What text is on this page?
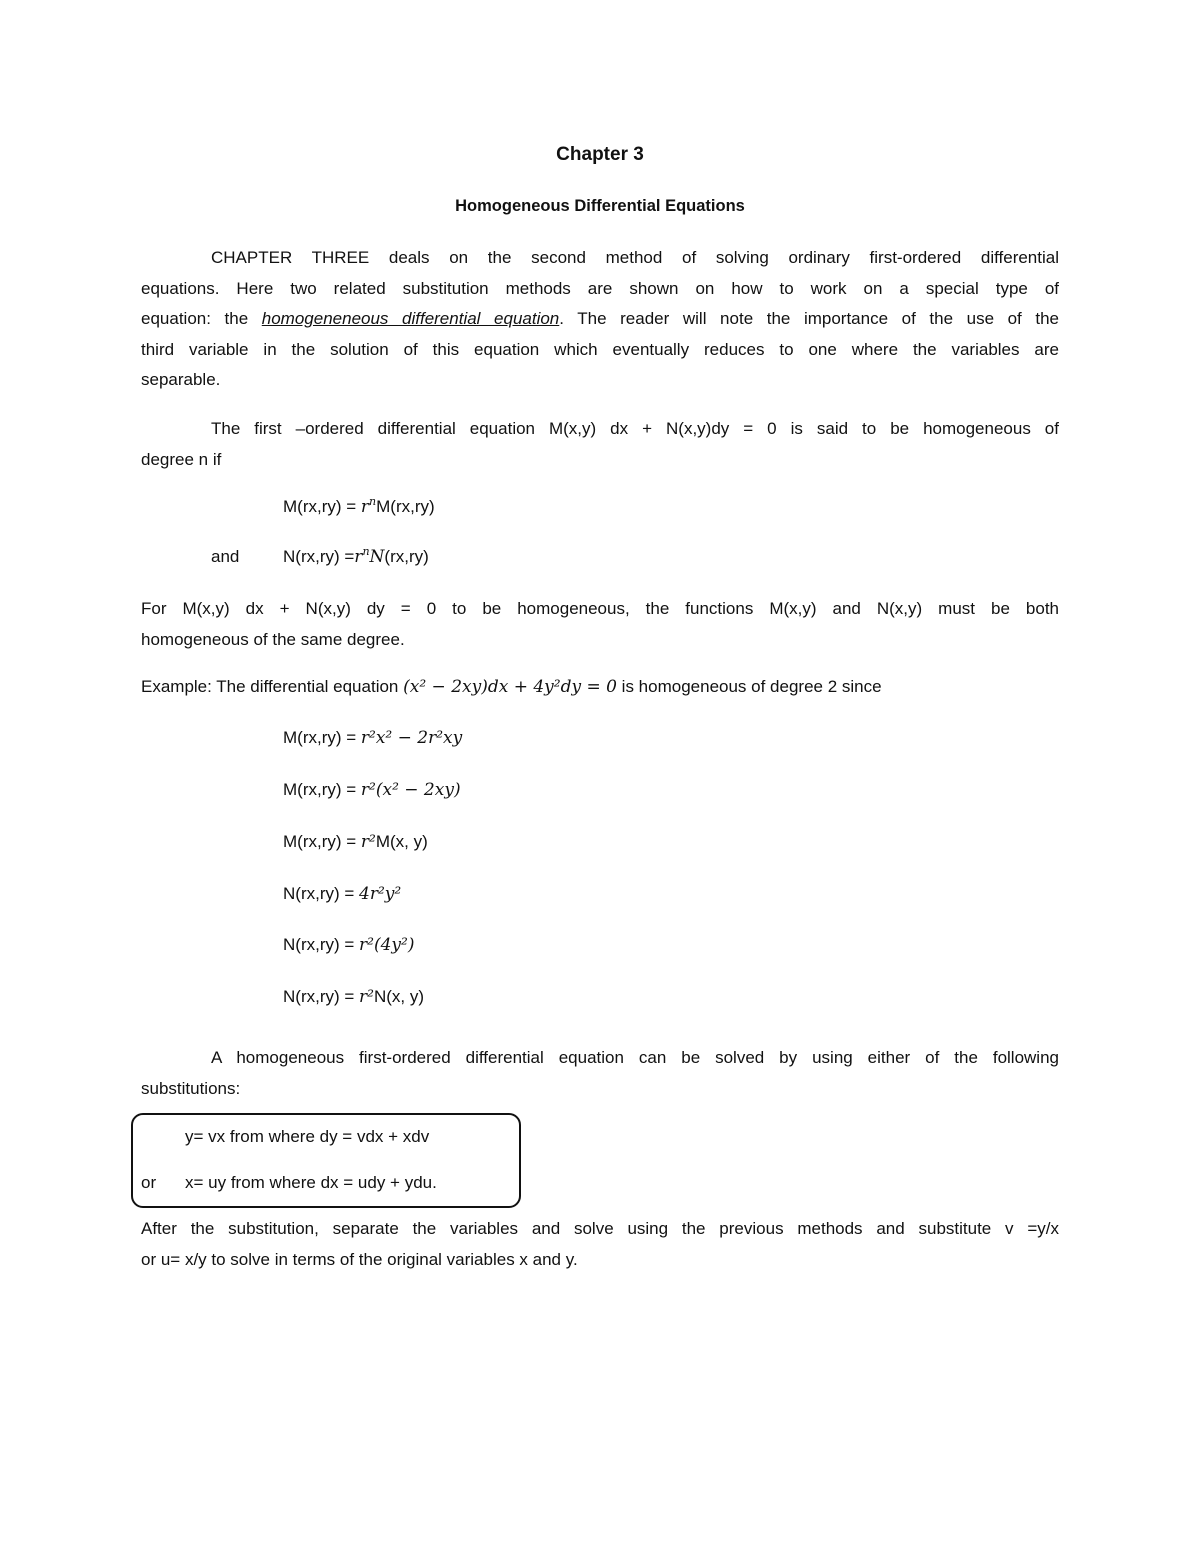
Chapter 3
Homogeneous Differential Equations
CHAPTER THREE deals on the second method of solving ordinary first-ordered differential
equations. Here two related substitution methods are shown on how to work on a special type of
equation: the homogeneneous differential equation. The reader will note the importance of the use of the
third variable in the solution of this equation which eventually reduces to one where the variables are
separable.
The first –ordered differential equation M(x,y) dx + N(x,y)dy = 0 is said to be homogeneous of
degree n if
$M(rx,ry) = r^nM(rx,ry)$
and	$N(rx,ry) =r^nN(rx,ry)$
For M(x,y) dx + N(x,y) dy = 0 to be homogeneous, the functions M(x,y) and N(x,y) must be both
homogeneous of the same degree.
Example: The differential equation (x² − 2xy)dx + 4y²dy = 0 is homogeneous of degree 2 since
M(rx,ry) = r²x² − 2r²xy
M(rx,ry) = r²(x² − 2xy)
M(rx,ry) = r²M(x, y)
N(rx,ry) = 4r²y²
N(rx,ry) = r²(4y²)
N(rx,ry) = r²N(x, y)
A homogeneous first-ordered differential equation can be solved by using either of the following
substitutions:
y= vx from where dy = vdx + xdv
or x= uy from where dx = udy + ydu.
After the substitution, separate the variables and solve using the previous methods and substitute v =y/x
or u= x/y to solve in terms of the original variables x and y.
